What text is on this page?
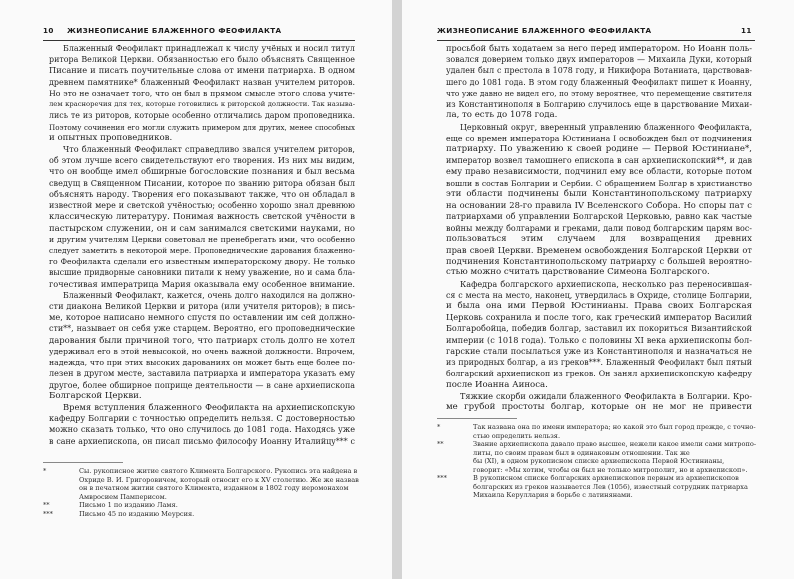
10 ЖИЗНЕОПИСАНИЕ БЛАЖЕННОГО ФЕОФИЛАКТА
Блаженный Феофилакт принадлежал к числу учёных и носил титул
ритора Великой Церкви. Обязанностью его было объяснять Священное
Писание и писать поучительные слова от имени патриарха. В одном
древнем памятнике* блаженный Феофилакт назван учителем риторов.
Но это не означает того, что он был в прямом смысле этого слова учите-
лем красноречия для тех, которые готовились к риторской должности. Так называ-
лись те из риторов, которые особенно отличались даром проповедника.
Поэтому сочинения его могли служить примером для других, менее способных
и опытных проповедников.
Что блаженный Феофилакт справедливо звался учителем риторов,
об этом лучше всего свидетельствуют его творения. Из них мы видим,
что он вообще имел обширные богословские познания и был весьма
сведущ в Священном Писании, которое по званию ритора обязан был
объяснять народу. Творения его показывают также, что он обладал в
известной мере и светской учёностью; особенно хорошо знал древнюю
классическую литературу. Понимая важность светской учёности в
пастырском служении, он и сам занимался светскими науками, но
и другим учителям Церкви советовал не пренебрегать ими, что особенно
следует заметить в некоторой мере. Проповеднические дарования блаженно-
го Феофилакта сделали его известным императорскому двору. Не только
высшие придворные сановники питали к нему уважение, но и сама бла-
гочестивая императрица Мария оказывала ему особенное внимание.
Блаженный Феофилакт, кажется, очень долго находился на должно-
сти диакона Великой Церкви и ритора (или учителя риторов); в пись-
ме, которое написано немного спустя по оставлении им сей должно-
сти**, называет он себя уже старцем. Вероятно, его проповеднические
дарования были причиной того, что патриарх столь долго не хотел
удерживал его в этой невысокой, но очень важной должности. Впрочем,
надежда, что при этих высоких дарованиях он может быть еще более по-
лезен в другом месте, заставила патриарха и императора указать ему
другое, более обширное поприще деятельности — в сане архиепископа
Болгарской Церкви.
Время вступления блаженного Феофилакта на архиепископскую
кафедру Болгарии с точностью определить нельзя. С достоверностью
можно сказать только, что оно случилось до 1081 года. Находясь уже
в сане архиепископа, он писал письмо философу Иоанну Италийцу*** с
*	Сы. рукописное житие святого Климента Болгарского. Рукопись эта найдена в
Охриде В. И. Григоровичем, который относит его к XV столетию. Же же назвав
он в печатном житии святого Климента, изданном в 1802 году иеромонахом
Амвросием Памперисом.
**	Письмо 1 по изданию Ламя.
***	Письмо 45 по изданию Меурсия.
ЖИЗНЕОПИСАНИЕ БЛАЖЕННОГО ФЕОФИЛАКТА	11
просьбой быть ходатаем за него перед императором. Но Иоанн поль-
зовался доверием только двух императоров — Михаила Дуки, который
удален был с престола в 1078 году, и Никифора Вотаниата, царствовав-
шего до 1081 года. В этом году блаженный Феофилакт пишет к Иоанну,
что уже давно не видел его, по этому вероятнее, что перемещение святителя
из Константинополя в Болгарию случилось еще в царствование Михаи-
ла, то есть до 1078 года.
Церковный округ, вверенный управлению блаженного Феофилакта,
еще со времен императора Юстиниана I освобожден был от подчинения
патриарху. По уважению к своей родине — Первой Юстиниане*,
император возвел тамошнего епископа в сан архиепископский**, и дав
ему право независимости, подчинил ему все области, которые потом
вошли в состав Болгарии и Сербии. С обращением Болгар в христианство
эти области подчинены были Константинопольскому патриарху
на основании 28-го правила IV Вселенского Собора. Но споры пат с
патриархами об управлении Болгарской Церковью, равно как частые
войны между болгарами и греками, дали повод болгарским царям вос-
пользоваться этим случаем для возвращения древних
прав своей Церкви. Временем освобождения Болгарской Церкви от
подчинения Константинопольскому патриарху с большей вероятно-
стью можно считать царствование Симеона Болгарского.
Кафедра болгарского архиепископа, несколько раз переносившая-
ся с места на место, наконец, утвердилась в Охриде, столице Болгарии,
и была она ими Первой Юстинианы. Права своих Болгарская
Церковь сохранила и после того, как греческий император Василий
Болгаробойца, победив болгар, заставил их покориться Византийской
империи (с 1018 года). Только с половины XI века архиепископы бол-
гарские стали посылаться уже из Константинополя и назначаться не
из природных болгар, а из греков***. Блаженный Феофилакт был пятый
болгарский архиепископ из греков. Он занял архиепископскую кафедру
после Иоанна Аиноса.
Тяжкие скорби ожидали блаженного Феофилакта в Болгарии. Кро-
ме грубой простоты болгар, которые он не мог не привести
*	Так названа она по имени императора; но какой это был город прежде, с точно-
стью определить нельзя.
**	Звание архиепископа давало право высшее, нежели какое имели сами митропо-
литы, по своим правам был в одинаковым отношении. Так же
бы (XI), в одном рукописном списке архиепископа Первой Юстинианы,
говорит: «Мы хотим, чтобы он был не только митрополит, но и архиепископ».
***	В рукописном списке болгарских архиепископов первым из архиепископов
болгарских из греков называется Лев (1056), известный сотрудник патриарха
Михаила Керуллария в борьбе с латинянами.
